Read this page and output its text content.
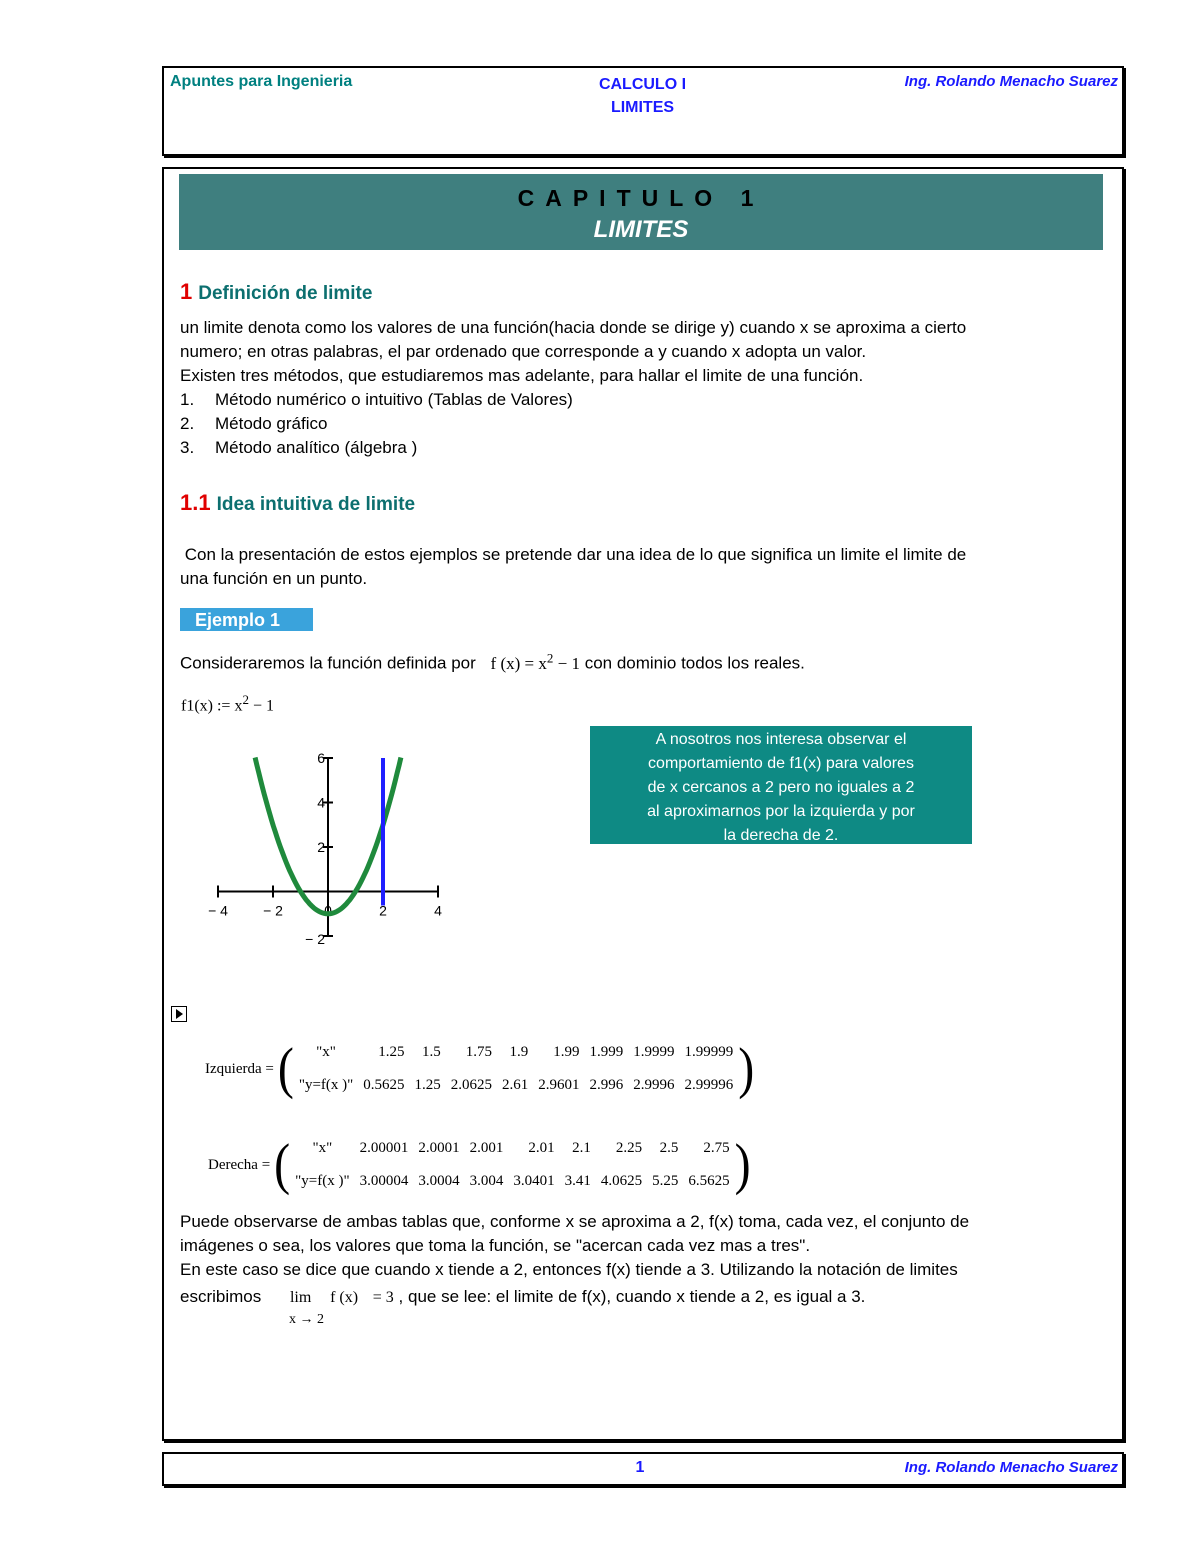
Apuntes para Ingenieria	CALCULO I
LIMITES
Ing. Rolando Menacho Suarez
CAPITULO 1
LIMITES
1 Definición de limite
un limite denota como los valores de una función(hacia donde se dirige y) cuando x se aproxima a cierto
numero; en otras palabras, el par ordenado que corresponde a y cuando x adopta un valor.
Existen tres métodos, que estudiaremos mas adelante, para hallar el limite de una función.
1. Método numérico o intuitivo (Tablas de Valores)
2. Método gráfico
3. Método analítico (álgebra )
1.1 Idea intuitiva de limite
Con la presentación de estos ejemplos se pretende dar una idea de lo que significa un limite el limite de
una función en un punto.
Ejemplo 1
Consideraremos la función definida por f $(x) = x^2 - 1$ con dominio todos los reales.
f1(x) := $x^2 - 1$
− 4	− 2	0	2	4
6
4
2
− 2
A nosotros nos interesa observar el
comportamiento de f1(x) para valores
de x cercanos a 2 pero no iguales a 2
al aproximarnos por la izquierda y por
la derecha de 2.
Izquierda = ( "x"	1.25	1.5	1.75	1.9	1.99	1.999	1.9999	1.99999
"y=f(x )"	0.5625	1.25	2.0625	2.61	2.9601	2.996	2.9996	2.99996 )
Derecha = ( "x"	2.00001	2.0001	2.001	2.01	2.1	2.25	2.5	2.75
"y=f(x )"	3.00004	3.0004	3.004	3.0401	3.41	4.0625	5.25	6.5625 )
Puede observarse de ambas tablas que, conforme x se aproxima a 2, f(x) toma, cada vez, el conjunto de
imágenes o sea, los valores que toma la función, se "acercan cada vez mas a tres".
En este caso se dice que cuando x tiende a 2, entonces f(x) tiende a 3. Utilizando la notación de limites
escribimos lim f (x) = 3 , que se lee: el limite de f(x), cuando x tiende a 2, es igual a 3.
x → 2
1	Ing. Rolando Menacho Suarez
